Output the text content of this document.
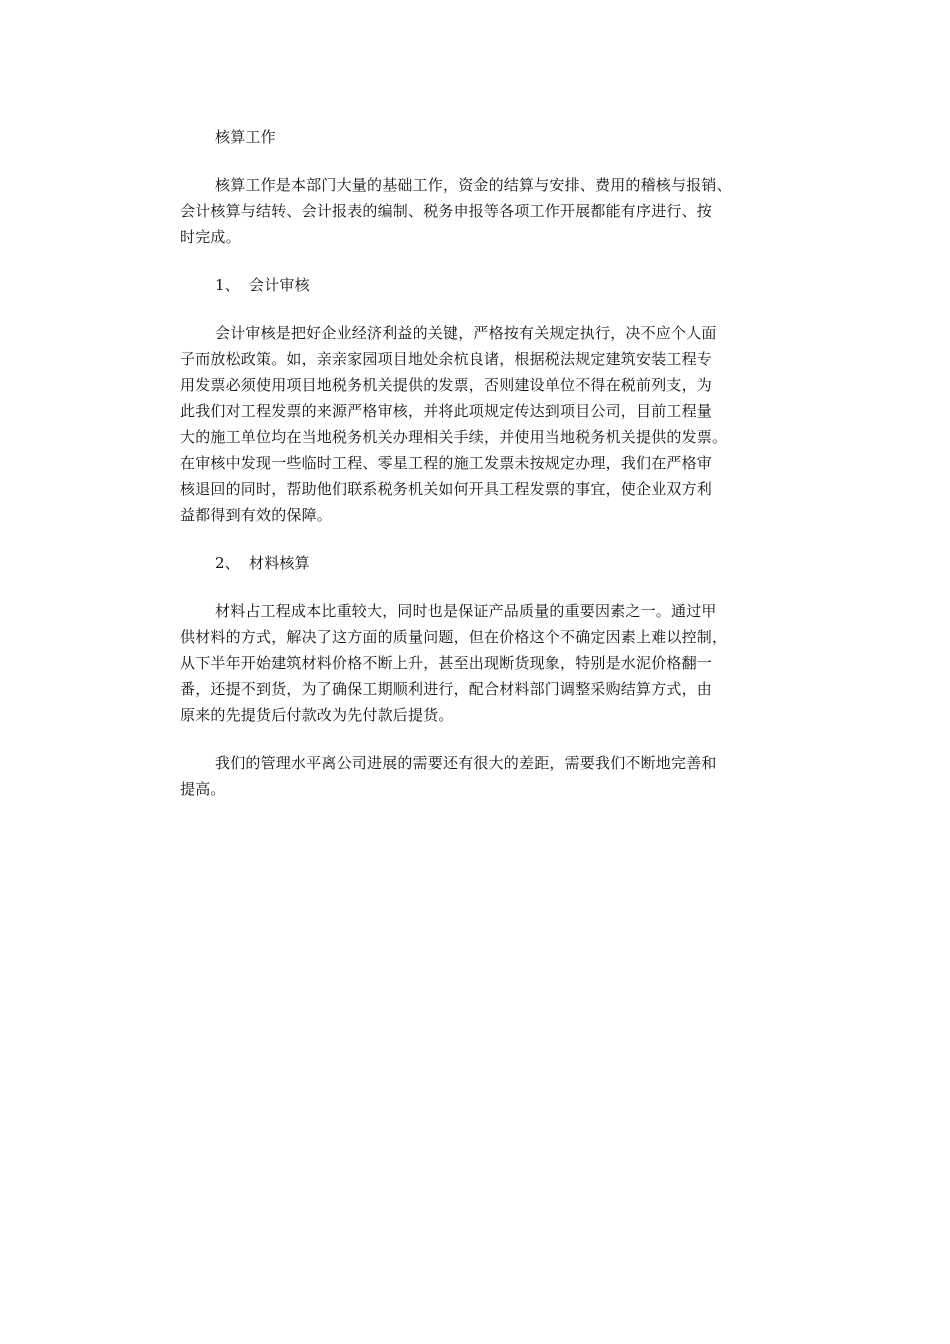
核算工作
核算工作是本部门大量的基础工作，资金的结算与安排、费用的稽核与报销、
会计核算与结转、会计报表的编制、税务申报等各项工作开展都能有序进行、按
时完成。
1、 会计审核
会计审核是把好企业经济利益的关键，严格按有关规定执行，决不应个人面
子而放松政策。如，亲亲家园项目地处余杭良诸，根据税法规定建筑安装工程专
用发票必须使用项目地税务机关提供的发票，否则建设单位不得在税前列支，为
此我们对工程发票的来源严格审核，并将此项规定传达到项目公司，目前工程量
大的施工单位均在当地税务机关办理相关手续，并使用当地税务机关提供的发票。
在审核中发现一些临时工程、零星工程的施工发票未按规定办理，我们在严格审
核退回的同时，帮助他们联系税务机关如何开具工程发票的事宜，使企业双方利
益都得到有效的保障。
2、 材料核算
材料占工程成本比重较大，同时也是保证产品质量的重要因素之一。通过甲
供材料的方式，解决了这方面的质量问题，但在价格这个不确定因素上难以控制，
从下半年开始建筑材料价格不断上升，甚至出现断货现象，特别是水泥价格翻一
番，还提不到货，为了确保工期顺利进行，配合材料部门调整采购结算方式，由
原来的先提货后付款改为先付款后提货。
我们的管理水平离公司进展的需要还有很大的差距，需要我们不断地完善和
提高。
